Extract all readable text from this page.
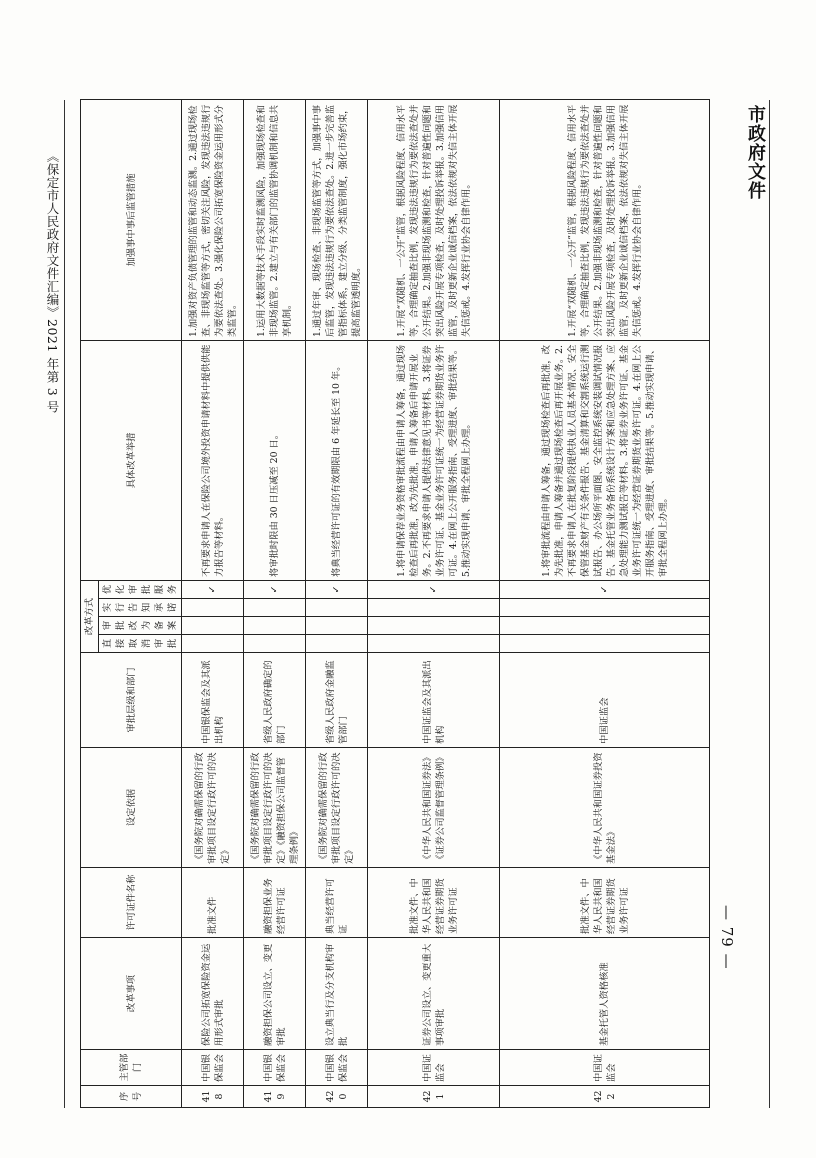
《保定市人民政府文件汇编》2021 年第 3 号	市政府文件
— 79 —
序号	主管部门	改革事项	许可证件名称	设定依据	审批层级和部门	改革方式				具体改革举措	加强事中事后监管措施
						直接取消审批	审批改为备案	实行告知承诺	优化审批服务		
418	中国银保监会	保险公司拓宽保险资金运用形式审批	批准文件	《国务院对确需保留的行政审批项目设定行政许可的决定》	中国银保监会及其派出机构				✓	不再要求申请人在保险公司境外投资申请材料中提供供能力报告等材料。	1.加强对资产负债管理的监管和动态监测。2.通过现场检查、非现场监管等方式，密切关注风险，发现违法违规行为要依法查处。3.强化保险公司拓宽保险资金运用形式分类监管。
419	中国银保监会	融资担保公司设立、变更审批	融资担保业务经营许可证	《国务院对确需保留的行政审批项目设定行政许可的决定》《融资担保公司监督管理条例》	省级人民政府确定的部门				✓	将审批时限由 30 日压减至 20 日。	1.运用大数据等技术手段实时监测风险，加强现场检查和非现场监管。2.建立与有关部门的监管协调机制和信息共享机制。
420	中国银保监会	设立典当行及分支机构审批	典当经营许可证	《国务院对确需保留的行政审批项目设定行政许可的决定》	省级人民政府金融监管部门				✓	将典当经营许可证的有效期限由 6 年延长至 10 年。	1.通过年审、现场检查、非现场监管等方式，加强事中事后监管，发现违法违规行为要依法查处。2.进一步完善监管指标体系，建立分级、分类监管制度，强化市场约束，提高监管透明度。
421	中国证监会	证券公司设立、变更重大事项审批	批准文件、中华人民共和国经营证券期货业务许可证	《中华人民共和国证券法》《证券公司监督管理条例》	中国证监会及其派出机构				✓	1.将申请保荐业务资格审批流程由申请人筹备，通过现场检查后再批准，改为先批准，申请人筹备后申请开展业务。2.不再要求申请人提供法律意见书等材料。3.将证券业务许可证、基金业务许可证统一为经营证券期货业务许可证。4.在网上公开服务指南、受理进度、审批结果等。5.推动实现申请、审批全程网上办理。	1.开展“双随机、一公开”监管，根据风险程度、信用水平等，合理确定抽查比例，发现违法违规行为要依法查处并公开结果。2.加强非现场监测和检查，针对普遍性问题和突出风险开展专项检查，及时处理投诉举报。3.加强信用监管，及时更新企业诚信档案，依法依规对失信主体开展失信惩戒。4.发挥行业协会自律作用。
422	中国证监会	基金托管人资格核准	批准文件、中华人民共和国经营证券期货业务许可证	《中华人民共和国证券投资基金法》	中国证监会				✓	1.将审批流程由申请人筹备，通过现场检查后再批准，改为先批准，申请人筹备并通过现场检查后再开展业务。2.不再要求申请人在批复阶段提供执业人员基本情况、安全保管基金财产有关条件报告、基金清算和交割系统运行测试报告、办公场所平面图、安全监控系统安装调试情况报告、基金托管业务备份系统设计方案和应急处理方案、应急处理能力测试报告等材料。3.将证券业务许可证、基金业务许可证统一为经营证券期货业务许可证。4.在网上公开服务指南、受理进度、审批结果等。5.推动实现申请、审批全程网上办理。	1.开展“双随机、一公开”监管，根据风险程度、信用水平等，合理确定抽查比例，发现违法违规行为要依法查处并公开结果。2.加强非现场监测和检查，针对普遍性问题和突出风险开展专项检查，及时处理投诉举报。3.加强信用监管，及时更新企业诚信档案，依法依规对失信主体开展失信惩戒。4.发挥行业协会自律作用。
